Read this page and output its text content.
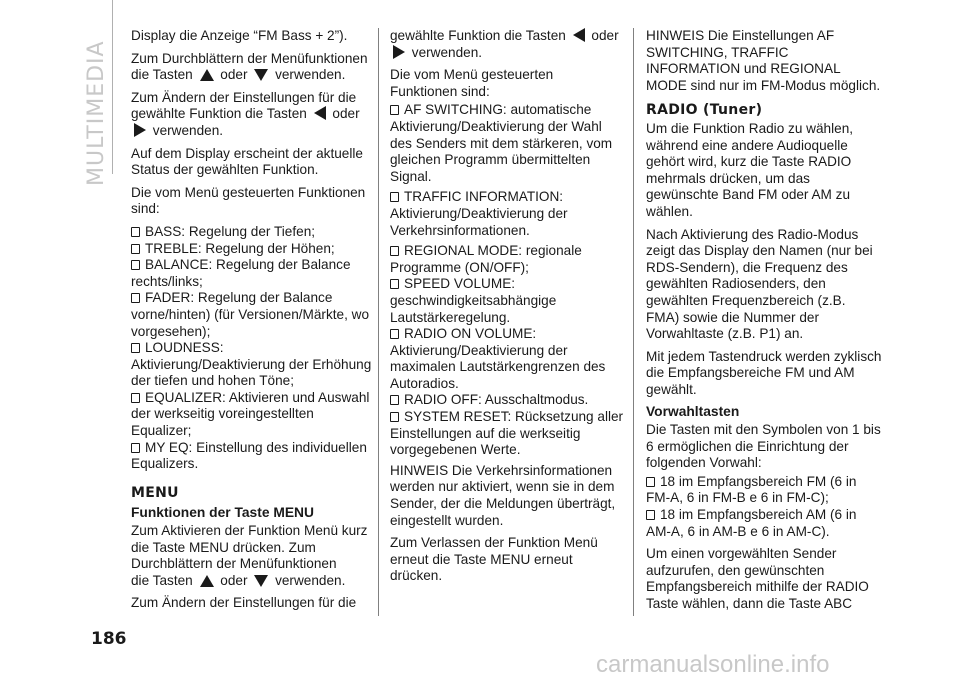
MULTIMEDIA

Display die Anzeige “FM Bass + 2”).

Zum Durchblättern der Menüfunktionen die Tasten oder verwenden.

Zum Ändern der Einstellungen für die gewählte Funktion die Tasten oder
verwenden.

Auf dem Display erscheint der aktuelle Status der gewählten Funktion.

Die vom Menü gesteuerten Funktionen sind:

BASS: Regelung der Tiefen;
TREBLE: Regelung der Höhen;
BALANCE: Regelung der Balance rechts/links;
FADER: Regelung der Balance vorne/hinten) (für Versionen/Märkte, wo vorgesehen);
LOUDNESS: Aktivierung/Deaktivierung der Erhöhung der tiefen und hohen Töne;
EQUALIZER: Aktivieren und Auswahl der werkseitig voreingestellten Equalizer;
MY EQ: Einstellung des individuellen Equalizers.
MENU
Funktionen der Taste MENU

Zum Aktivieren der Funktion Menü kurz die Taste MENU drücken. Zum Durchblättern der Menüfunktionen

die Tasten oder verwenden.

Zum Ändern der Einstellungen für die

gewählte Funktion die Tasten oder
verwenden.

Die vom Menü gesteuerten Funktionen sind:

AF SWITCHING: automatische Aktivierung/Deaktivierung der Wahl des Senders mit dem stärkeren, vom gleichen Programm übermittelten Signal.

TRAFFIC INFORMATION: Aktivierung/Deaktivierung der Verkehrsinformationen.

REGIONAL MODE: regionale Programme (ON/OFF);
SPEED VOLUME: geschwindigkeitsabhängige Lautstärkeregelung.
RADIO ON VOLUME: Aktivierung/Deaktivierung der maximalen Lautstärkengrenzen des Autoradios.
RADIO OFF: Ausschaltmodus.
SYSTEM RESET: Rücksetzung aller Einstellungen auf die werkseitig vorgegebenen Werte.

HINWEIS Die Verkehrsinformationen werden nur aktiviert, wenn sie in dem Sender, der die Meldungen überträgt, eingestellt wurden.

Zum Verlassen der Funktion Menü erneut die Taste MENU erneut drücken.

HINWEIS Die Einstellungen AF SWITCHING, TRAFFIC INFORMATION und REGIONAL MODE sind nur im FM-Modus möglich.

RADIO (Tuner)

Um die Funktion Radio zu wählen, während eine andere Audioquelle gehört wird, kurz die Taste RADIO mehrmals drücken, um das gewünschte Band FM oder AM zu wählen.

Nach Aktivierung des Radio-Modus zeigt das Display den Namen (nur bei RDS-Sendern), die Frequenz des gewählten Radiosenders, den gewählten Frequenzbereich (z.B. FMA) sowie die Nummer der Vorwahltaste (z.B. P1) an.

Mit jedem Tastendruck werden zyklisch die Empfangsbereiche FM und AM gewählt.

Vorwahltasten

Die Tasten mit den Symbolen von 1 bis 6 ermöglichen die Einrichtung der folgenden Vorwahl:

18 im Empfangsbereich FM (6 in FM-A, 6 in FM-B e 6 in FM-C);
18 im Empfangsbereich AM (6 in AM-A, 6 in AM-B e 6 in AM-C).

Um einen vorgewählten Sender aufzurufen, den gewünschten Empfangsbereich mithilfe der RADIO Taste wählen, dann die Taste ABC

186
carmanualsonline.info
